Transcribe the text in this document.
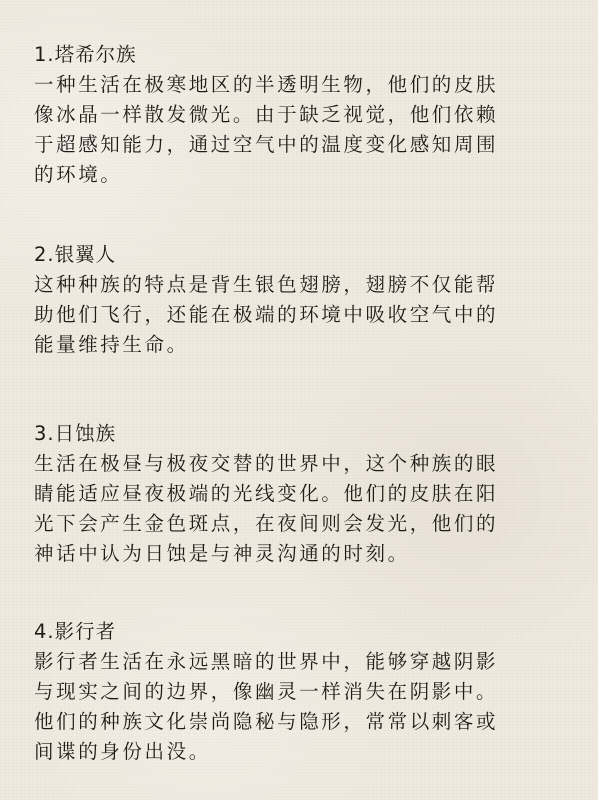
1.塔希尔族
一种生活在极寒地区的半透明生物，他们的皮肤
像冰晶一样散发微光。由于缺乏视觉，他们依赖
于超感知能力，通过空气中的温度变化感知周围
的环境。
2.银翼人
这种种族的特点是背生银色翅膀，翅膀不仅能帮
助他们飞行，还能在极端的环境中吸收空气中的
能量维持生命。
3.日蚀族
生活在极昼与极夜交替的世界中，这个种族的眼
睛能适应昼夜极端的光线变化。他们的皮肤在阳
光下会产生金色斑点，在夜间则会发光，他们的
神话中认为日蚀是与神灵沟通的时刻。
4.影行者
影行者生活在永远黑暗的世界中，能够穿越阴影
与现实之间的边界，像幽灵一样消失在阴影中。
他们的种族文化崇尚隐秘与隐形，常常以刺客或
间谍的身份出没。
